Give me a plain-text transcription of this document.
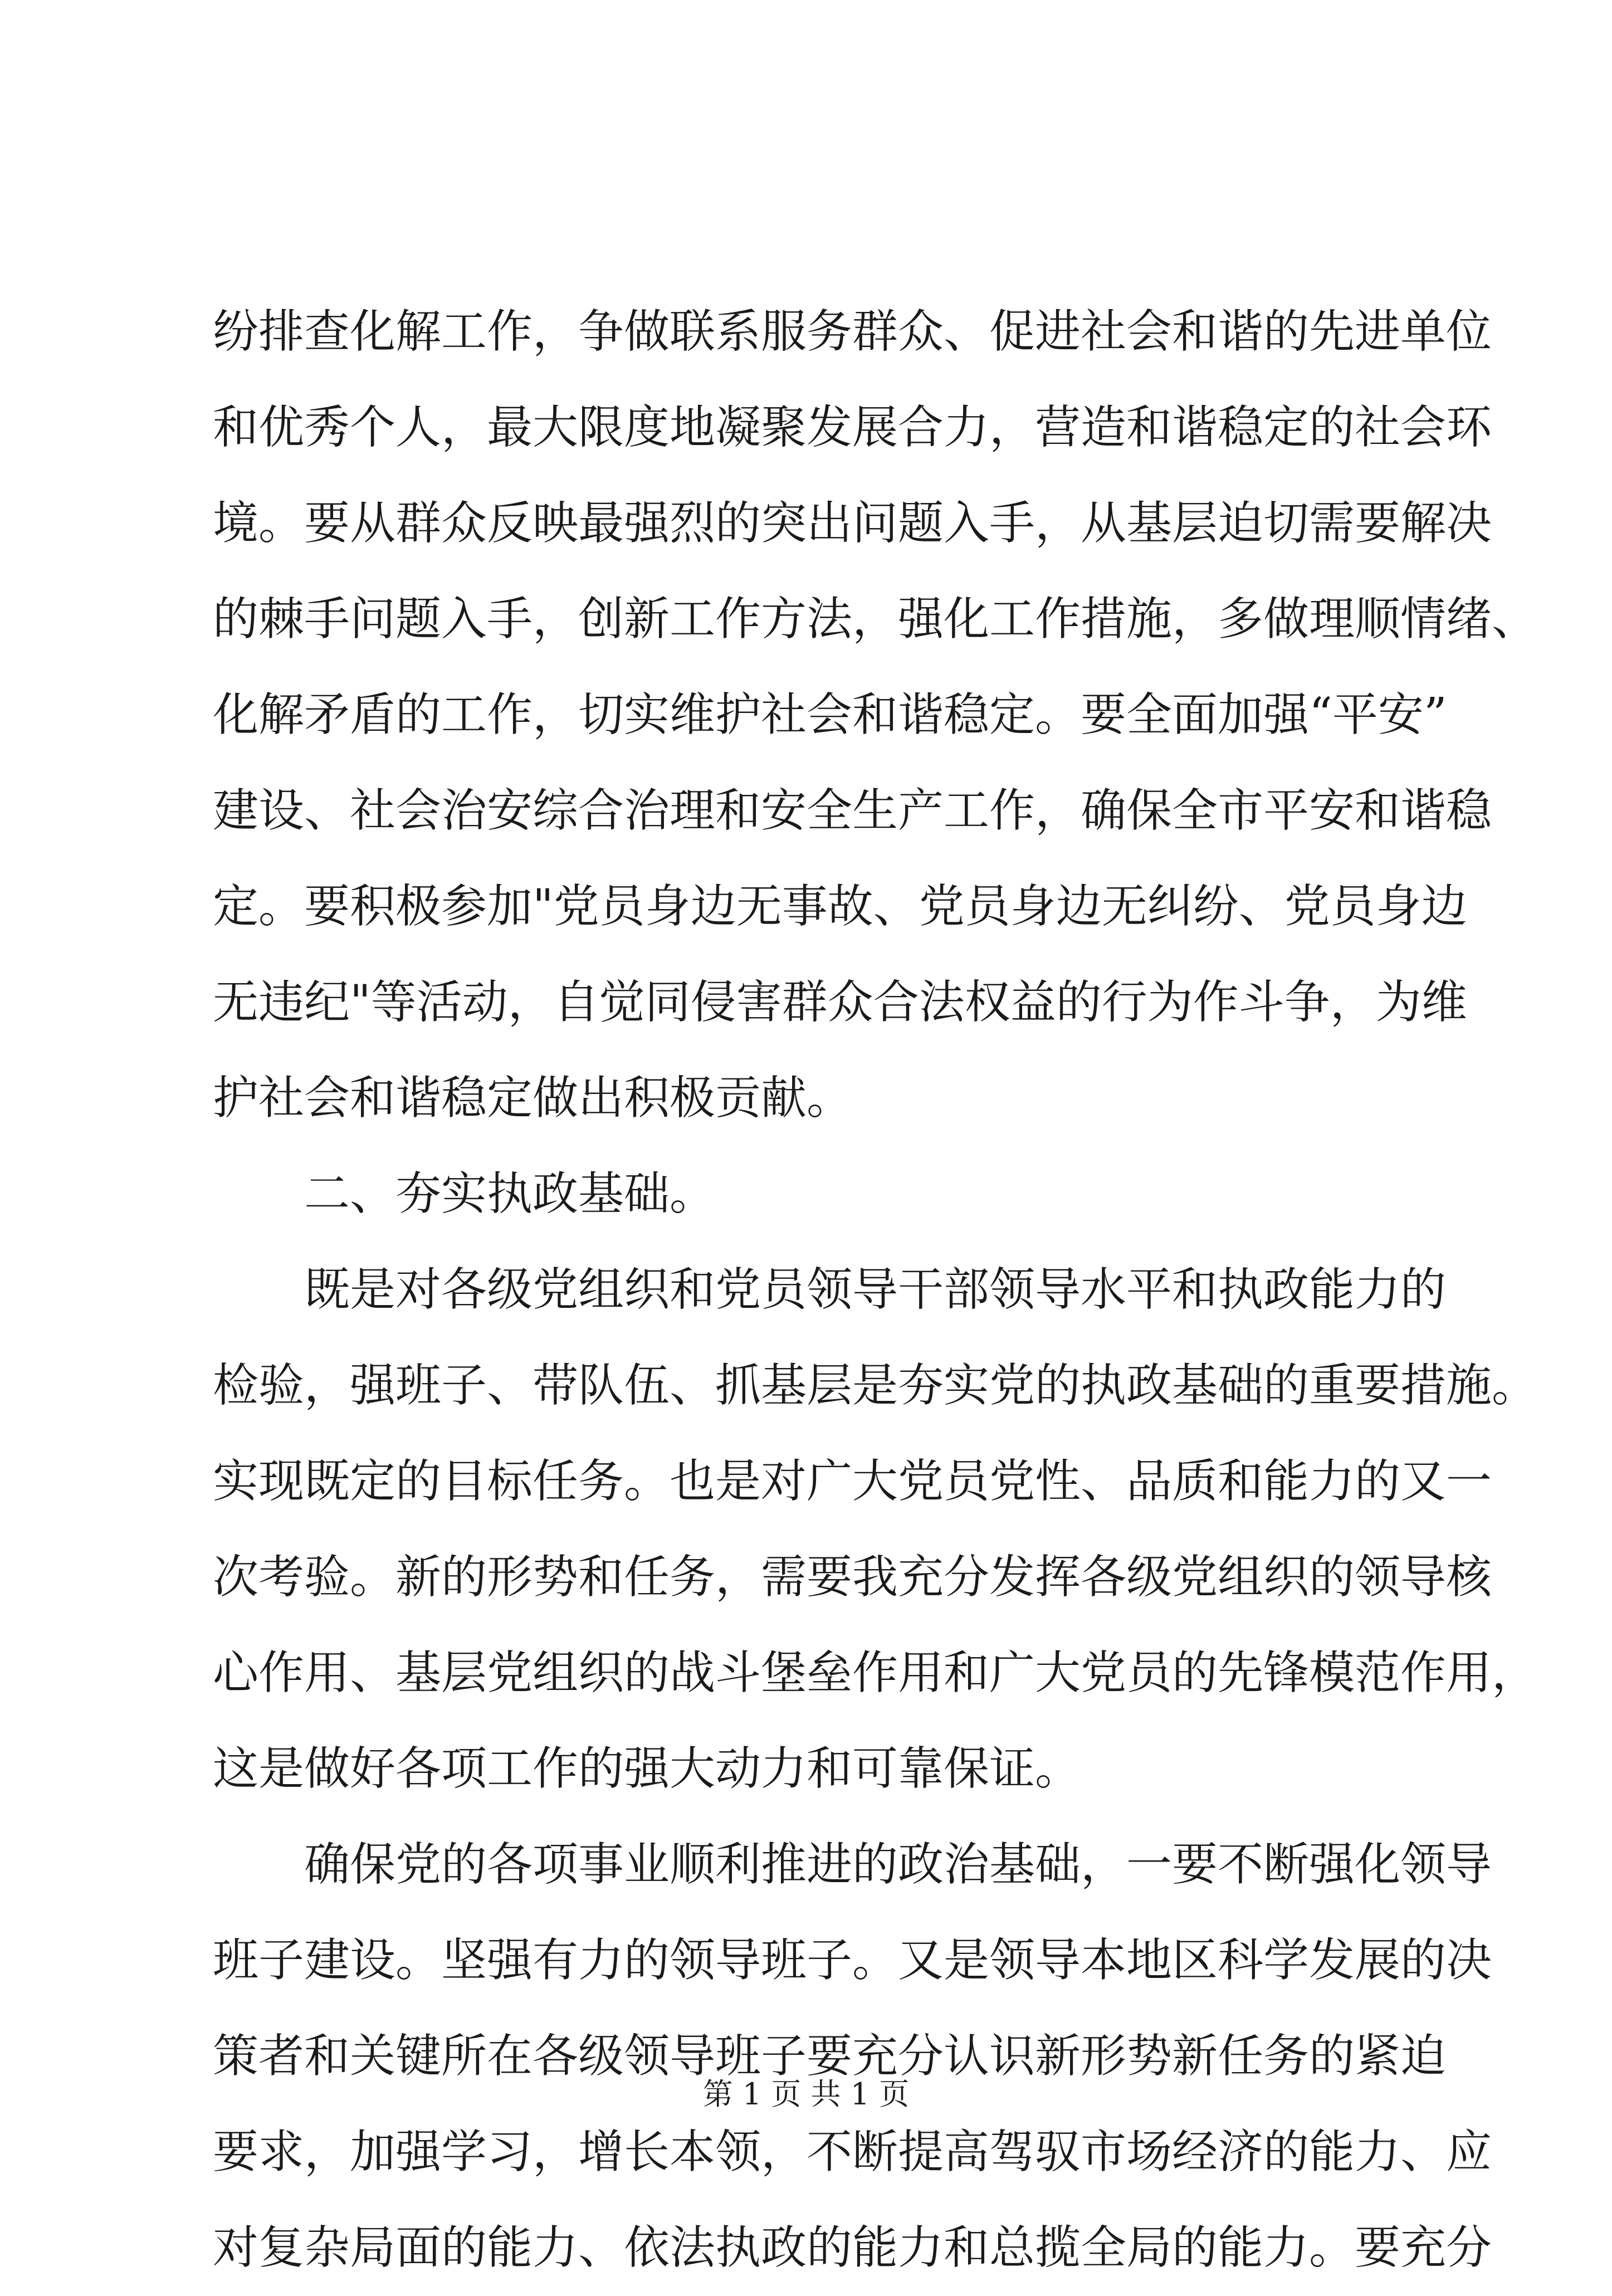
纷排查化解工作，争做联系服务群众、促进社会和谐的先进单位
和优秀个人，最大限度地凝聚发展合力，营造和谐稳定的社会环
境。要从群众反映最强烈的突出问题入手，从基层迫切需要解决
的棘手问题入手，创新工作方法，强化工作措施，多做理顺情绪、
化解矛盾的工作，切实维护社会和谐稳定。要全面加强“平安”
建设、社会治安综合治理和安全生产工作，确保全市平安和谐稳
定。要积极参加"党员身边无事故、党员身边无纠纷、党员身边
无违纪"等活动，自觉同侵害群众合法权益的行为作斗争，为维
护社会和谐稳定做出积极贡献。
二、夯实执政基础。
既是对各级党组织和党员领导干部领导水平和执政能力的
检验，强班子、带队伍、抓基层是夯实党的执政基础的重要措施。
实现既定的目标任务。也是对广大党员党性、品质和能力的又一
次考验。新的形势和任务，需要我充分发挥各级党组织的领导核
心作用、基层党组织的战斗堡垒作用和广大党员的先锋模范作用，
这是做好各项工作的强大动力和可靠保证。
确保党的各项事业顺利推进的政治基础，一要不断强化领导
班子建设。坚强有力的领导班子。又是领导本地区科学发展的决
策者和关键所在各级领导班子要充分认识新形势新任务的紧迫
要求，加强学习，增长本领，不断提高驾驭市场经济的能力、应
对复杂局面的能力、依法执政的能力和总揽全局的能力。要充分
第 1 页 共 1 页
